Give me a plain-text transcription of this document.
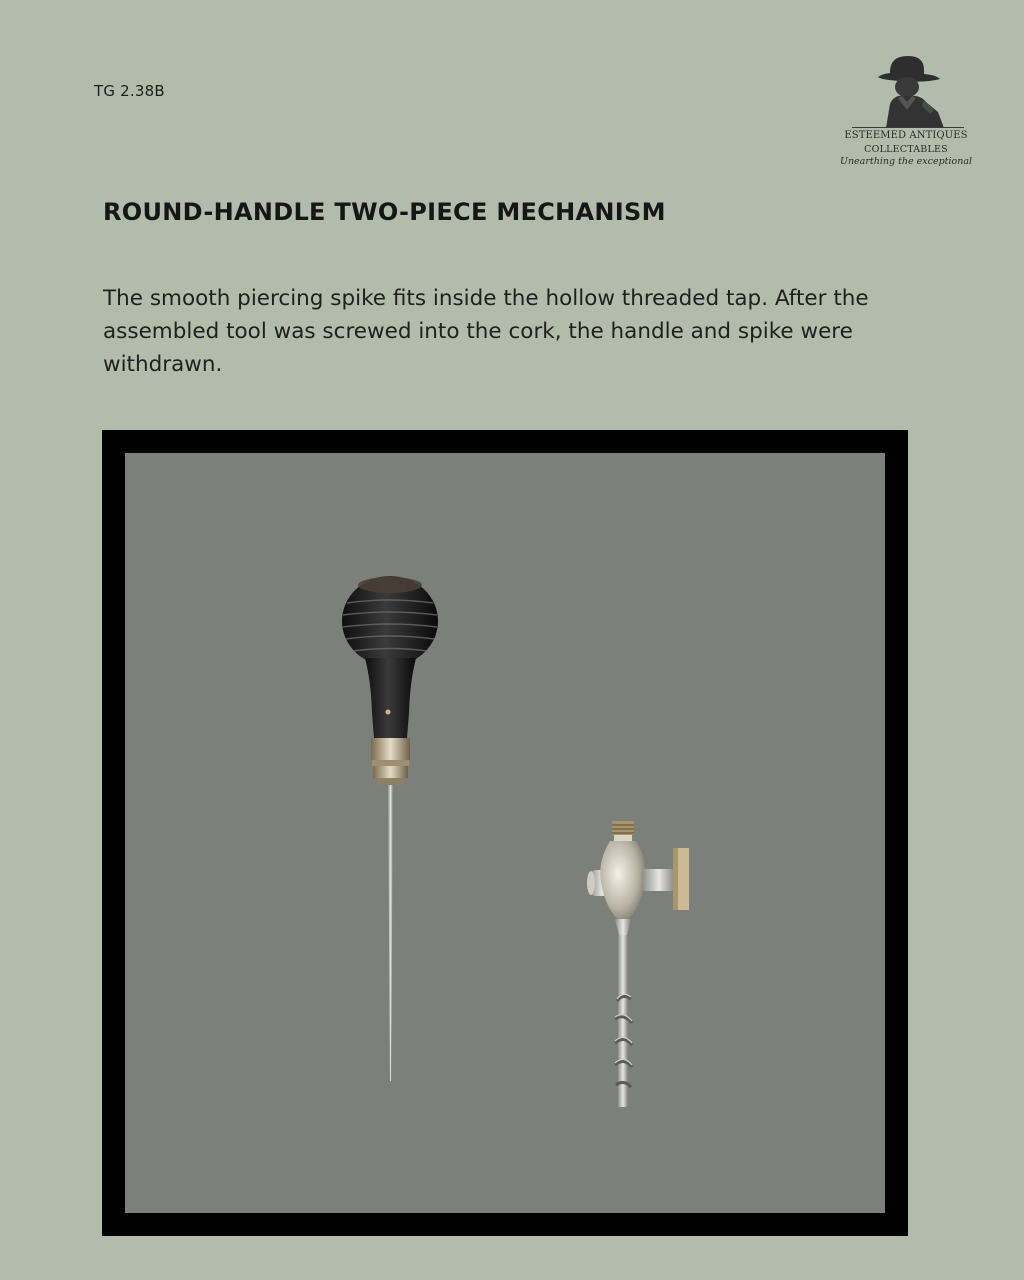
TG 2.38B
ESTEEMED ANTIQUES
COLLECTABLES
Unearthing the exceptional
ROUND-HANDLE TWO-PIECE MECHANISM

The smooth piercing spike fits inside the hollow threaded tap. After the assembled tool was screwed into the cork, the handle and spike were withdrawn.
